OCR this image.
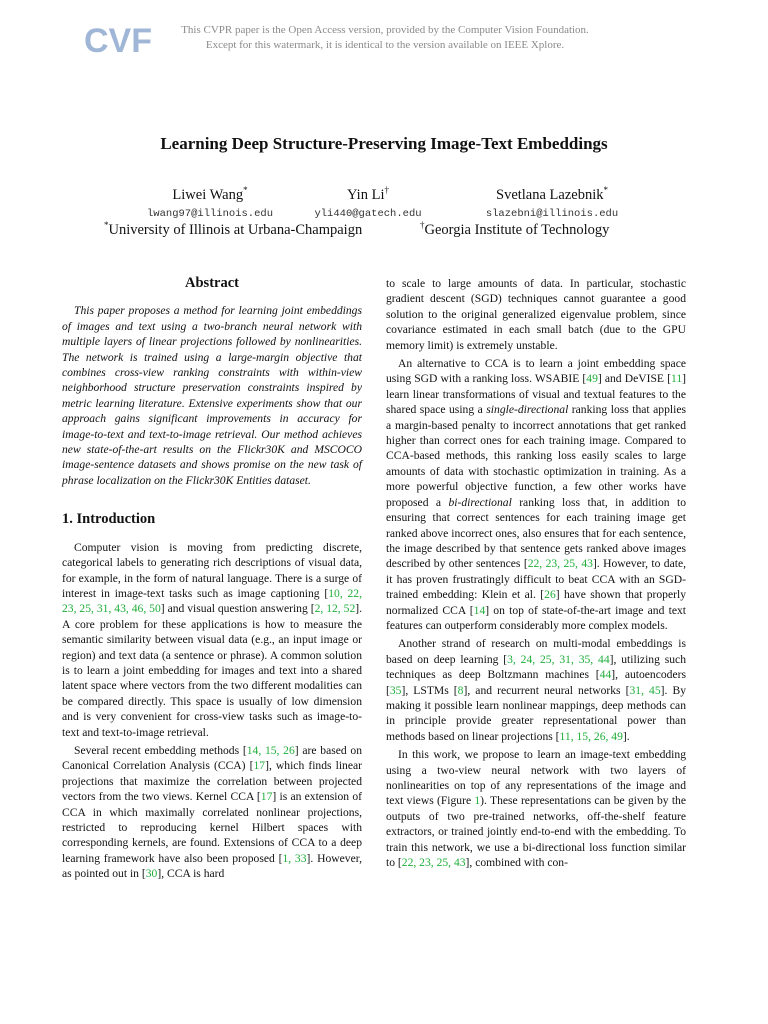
CVF	This CVPR paper is the Open Access version, provided by the Computer Vision Foundation.
Except for this watermark, it is identical to the version available on IEEE Xplore.
Learning Deep Structure-Preserving Image-Text Embeddings
Liwei Wang*
lwang97@illinois.edu
Yin Li†
yli440@gatech.edu
Svetlana Lazebnik*
slazebni@illinois.edu
*University of Illinois at Urbana-Champaign	†Georgia Institute of Technology
Abstract

This paper proposes a method for learning joint embeddings of images and text using a two-branch neural network with multiple layers of linear projections followed by nonlinearities. The network is trained using a large-margin objective that combines cross-view ranking constraints with within-view neighborhood structure preservation constraints inspired by metric learning literature. Extensive experiments show that our approach gains significant improvements in accuracy for image-to-text and text-to-image retrieval. Our method achieves new state-of-the-art results on the Flickr30K and MSCOCO image-sentence datasets and shows promise on the new task of phrase localization on the Flickr30K Entities dataset.

1. Introduction

Computer vision is moving from predicting discrete, categorical labels to generating rich descriptions of visual data, for example, in the form of natural language. There is a surge of interest in image-text tasks such as image captioning [10, 22, 23, 25, 31, 43, 46, 50] and visual question answering [2, 12, 52]. A core problem for these applications is how to measure the semantic similarity between visual data (e.g., an input image or region) and text data (a sentence or phrase). A common solution is to learn a joint embedding for images and text into a shared latent space where vectors from the two different modalities can be compared directly. This space is usually of low dimension and is very convenient for cross-view tasks such as image-to-text and text-to-image retrieval.

Several recent embedding methods [14, 15, 26] are based on Canonical Correlation Analysis (CCA) [17], which finds linear projections that maximize the correlation between projected vectors from the two views. Kernel CCA [17] is an extension of CCA in which maximally correlated nonlinear projections, restricted to reproducing kernel Hilbert spaces with corresponding kernels, are found. Extensions of CCA to a deep learning framework have also been proposed [1, 33]. However, as pointed out in [30], CCA is hard

to scale to large amounts of data. In particular, stochastic gradient descent (SGD) techniques cannot guarantee a good solution to the original generalized eigenvalue problem, since covariance estimated in each small batch (due to the GPU memory limit) is extremely unstable.

An alternative to CCA is to learn a joint embedding space using SGD with a ranking loss. WSABIE [49] and DeVISE [11] learn linear transformations of visual and textual features to the shared space using a single-directional ranking loss that applies a margin-based penalty to incorrect annotations that get ranked higher than correct ones for each training image. Compared to CCA-based methods, this ranking loss easily scales to large amounts of data with stochastic optimization in training. As a more powerful objective function, a few other works have proposed a bi-directional ranking loss that, in addition to ensuring that correct sentences for each training image get ranked above incorrect ones, also ensures that for each sentence, the image described by that sentence gets ranked above images described by other sentences [22, 23, 25, 43]. However, to date, it has proven frustratingly difficult to beat CCA with an SGD-trained embedding: Klein et al. [26] have shown that properly normalized CCA [14] on top of state-of-the-art image and text features can outperform considerably more complex models.

Another strand of research on multi-modal embeddings is based on deep learning [3, 24, 25, 31, 35, 44], utilizing such techniques as deep Boltzmann machines [44], autoencoders [35], LSTMs [8], and recurrent neural networks [31, 45]. By making it possible learn nonlinear mappings, deep methods can in principle provide greater representational power than methods based on linear projections [11, 15, 26, 49].

In this work, we propose to learn an image-text embedding using a two-view neural network with two layers of nonlinearities on top of any representations of the image and text views (Figure 1). These representations can be given by the outputs of two pre-trained networks, off-the-shelf feature extractors, or trained jointly end-to-end with the embedding. To train this network, we use a bi-directional loss function similar to [22, 23, 25, 43], combined with con-
